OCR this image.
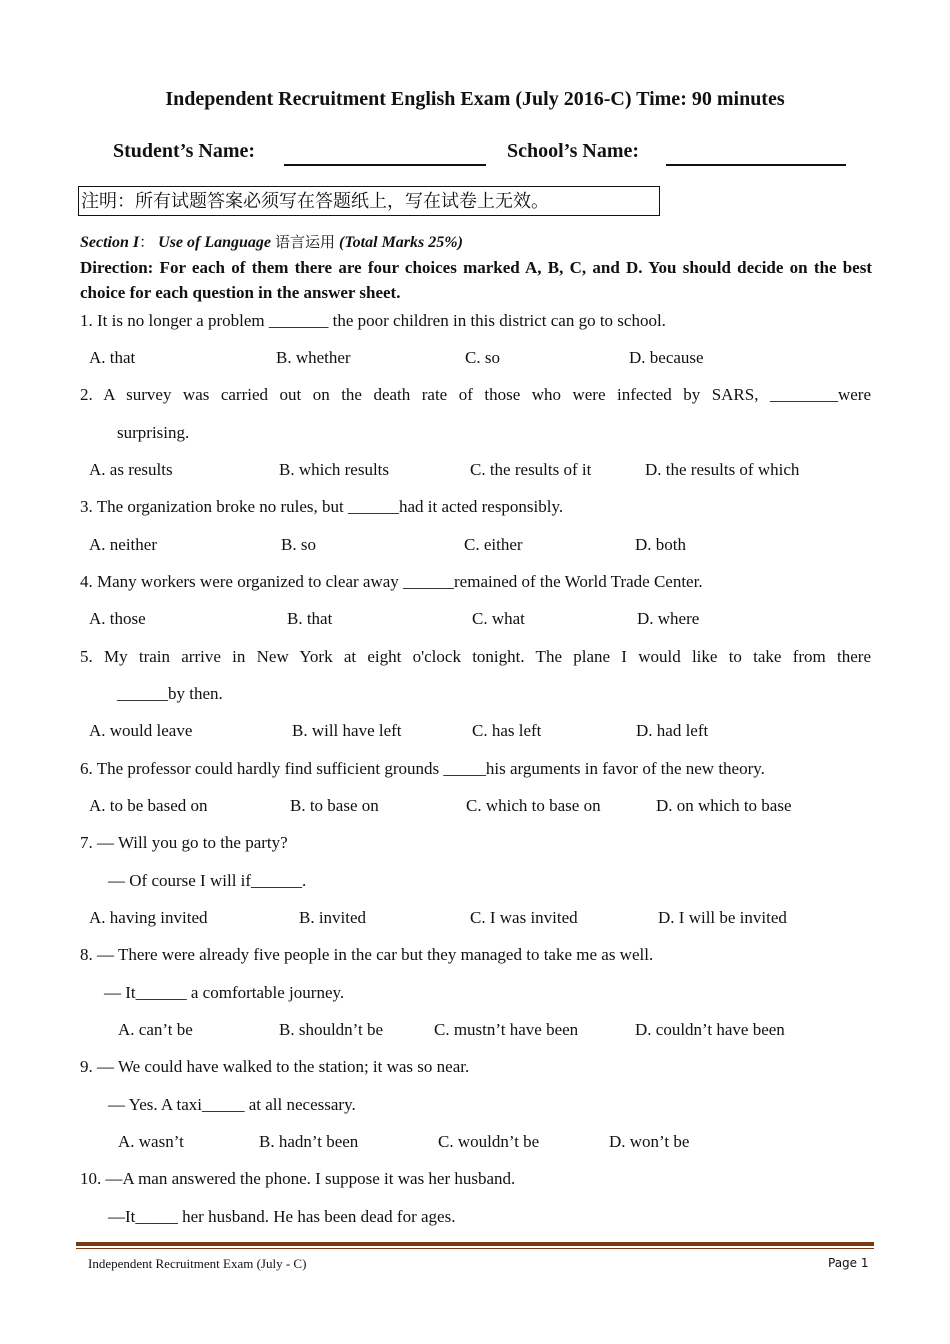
Independent Recruitment English Exam (July 2016-C) Time: 90 minutes
Student’s Name:	School’s Name:
注明：所有试题答案必须写在答题纸上，写在试卷上无效。
Section I： Use of Language 语言运用 (Total Marks 25%)
Direction: For each of them there are four choices marked A, B, C, and D. You should decide on the best choice for each question in the answer sheet.
1. It is no longer a problem _______ the poor children in this district can go to school.
A. that	B. whether	C. so	D. because
2. A survey was carried out on the death rate of those who were infected by SARS, ________were
surprising.
A. as results	B. which results	C. the results of it	D. the results of which
3. The organization broke no rules, but ______had it acted responsibly.
A. neither	B. so	C. either	D. both
4. Many workers were organized to clear away ______remained of the World Trade Center.
A. those	B. that	C. what	D. where
5. My train arrive in New York at eight o'clock tonight. The plane I would like to take from there
______by then.
A. would leave	B. will have left	C. has left	D. had left
6. The professor could hardly find sufficient grounds _____his arguments in favor of the new theory.
A. to be based on	B. to base on	C. which to base on	D. on which to base
7. — Will you go to the party?
— Of course I will if______.
A. having invited	B. invited	C. I was invited	D. I will be invited
8. — There were already five people in the car but they managed to take me as well.
— It______ a comfortable journey.
A. can’t be	B. shouldn’t be	C. mustn’t have been	D. couldn’t have been
9. — We could have walked to the station; it was so near.
— Yes. A taxi_____ at all necessary.
A. wasn’t	B. hadn’t been	C. wouldn’t be	D. won’t be
10. —A man answered the phone. I suppose it was her husband.
—It_____ her husband. He has been dead for ages.
Independent Recruitment Exam (July - C)	Page 1
